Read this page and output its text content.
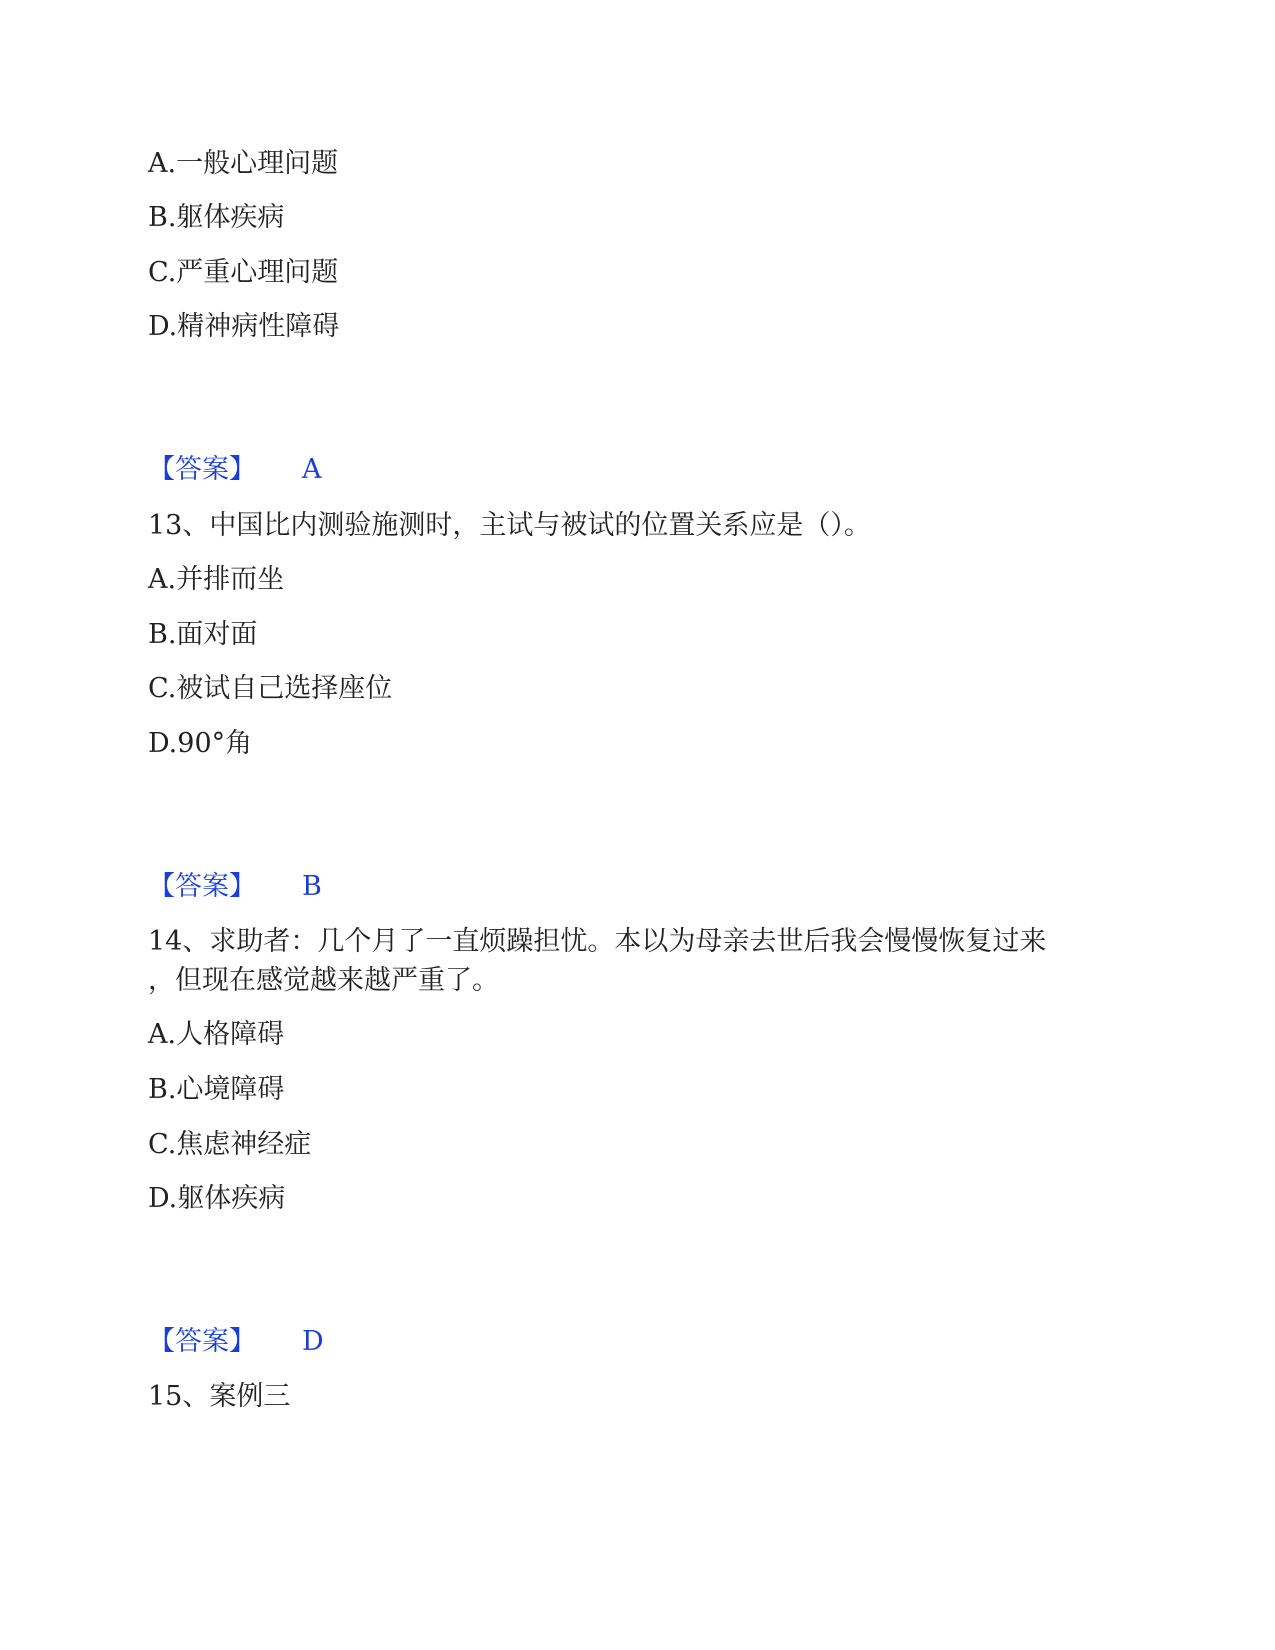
A.一般心理问题
B.躯体疾病
C.严重心理问题
D.精神病性障碍
【答案】 A
13、中国比内测验施测时，主试与被试的位置关系应是（）。
A.并排而坐
B.面对面
C.被试自己选择座位
D.90°角
【答案】 B
14、求助者：几个月了一直烦躁担忧。本以为母亲去世后我会慢慢恢复过来
，但现在感觉越来越严重了。
A.人格障碍
B.心境障碍
C.焦虑神经症
D.躯体疾病
【答案】 D
15、案例三
